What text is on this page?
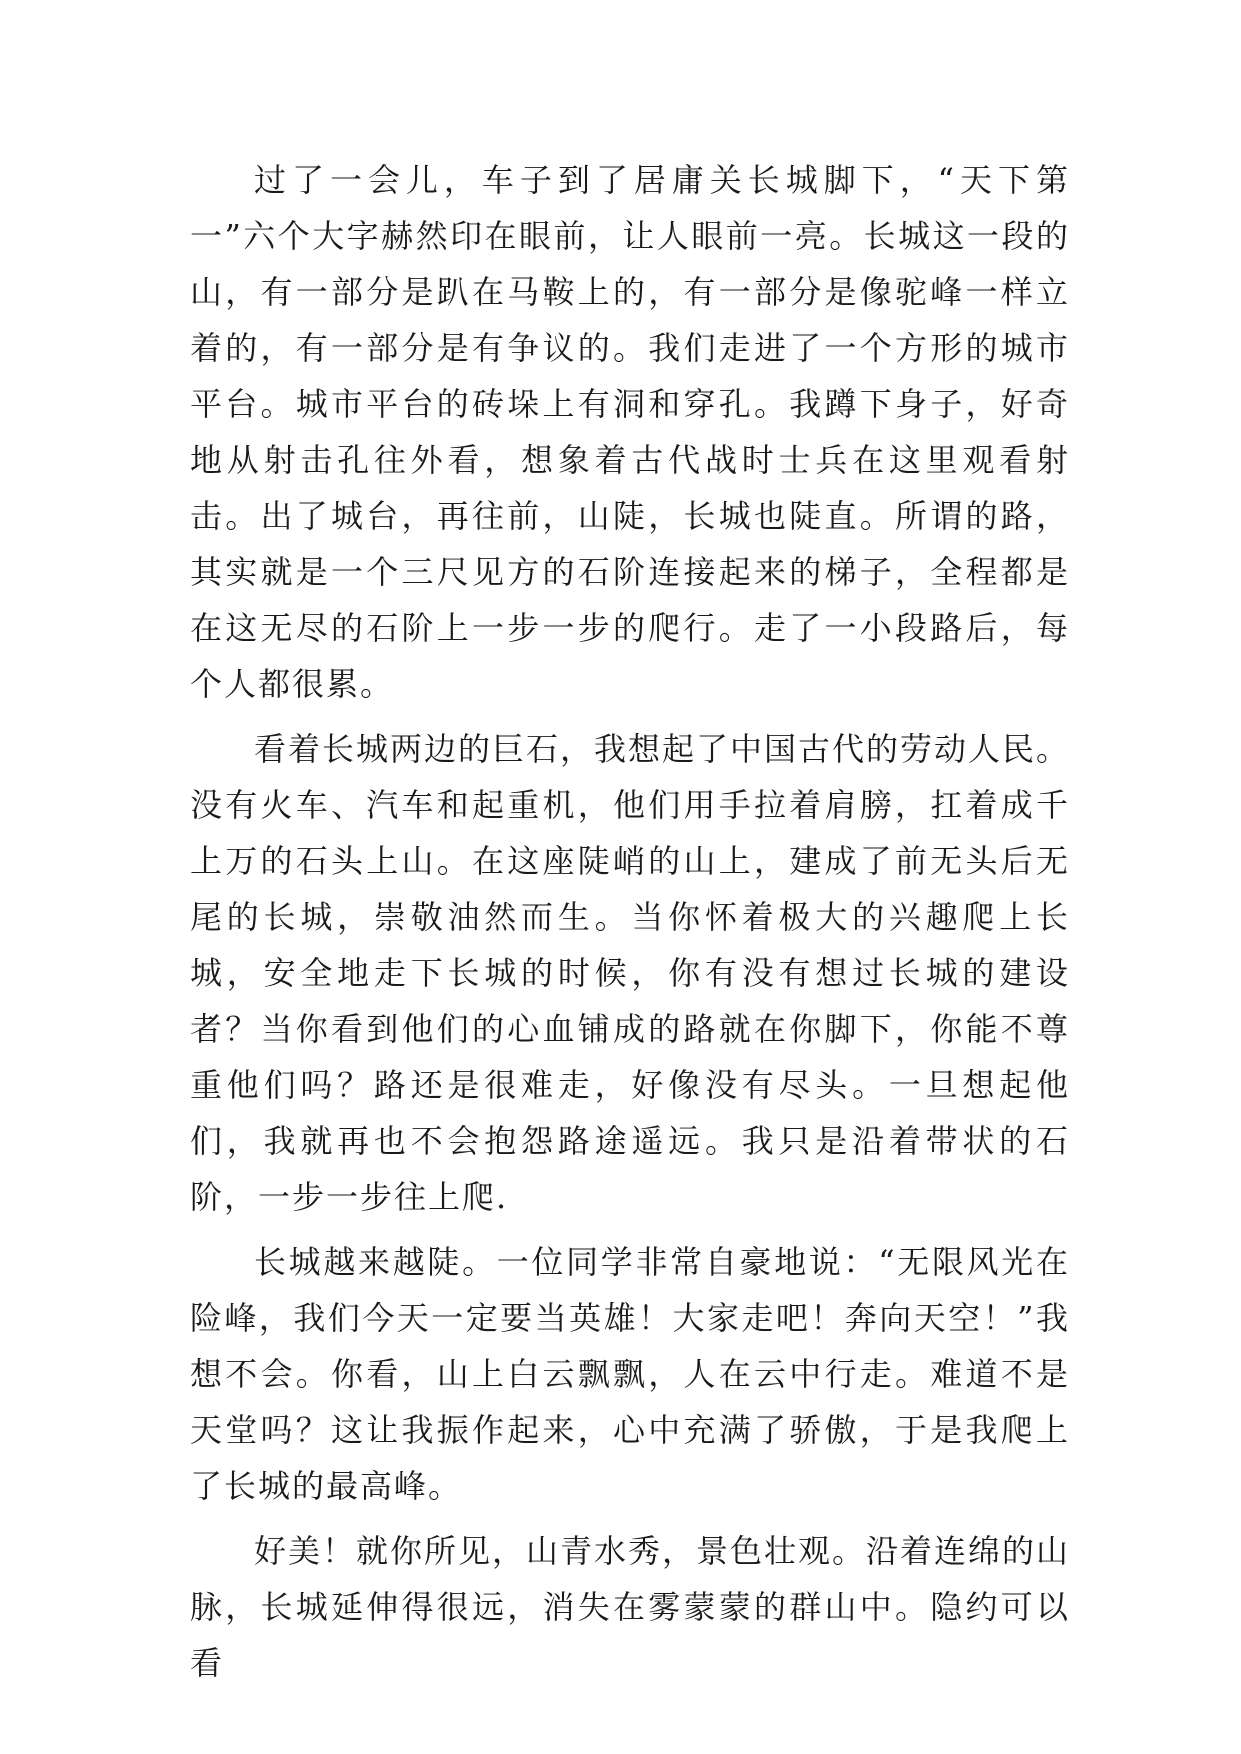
过了一会儿，车子到了居庸关长城脚下，“天下第一”六个大字赫然印在眼前，让人眼前一亮。长城这一段的山，有一部分是趴在马鞍上的，有一部分是像驼峰一样立着的，有一部分是有争议的。我们走进了一个方形的城市平台。城市平台的砖垛上有洞和穿孔。我蹲下身子，好奇地从射击孔往外看，想象着古代战时士兵在这里观看射击。出了城台，再往前，山陡，长城也陡直。所谓的路，其实就是一个三尺见方的石阶连接起来的梯子，全程都是在这无尽的石阶上一步一步的爬行。走了一小段路后，每个人都很累。

看着长城两边的巨石，我想起了中国古代的劳动人民。没有火车、汽车和起重机，他们用手拉着肩膀，扛着成千上万的石头上山。在这座陡峭的山上，建成了前无头后无尾的长城，崇敬油然而生。当你怀着极大的兴趣爬上长城，安全地走下长城的时候，你有没有想过长城的建设者？当你看到他们的心血铺成的路就在你脚下，你能不尊重他们吗？路还是很难走，好像没有尽头。一旦想起他们，我就再也不会抱怨路途遥远。我只是沿着带状的石阶，一步一步往上爬.

长城越来越陡。一位同学非常自豪地说：“无限风光在险峰，我们今天一定要当英雄！大家走吧！奔向天空！”我想不会。你看，山上白云飘飘，人在云中行走。难道不是天堂吗？这让我振作起来，心中充满了骄傲，于是我爬上了长城的最高峰。

好美！就你所见，山青水秀，景色壮观。沿着连绵的山脉，长城延伸得很远，消失在雾蒙蒙的群山中。隐约可以看
